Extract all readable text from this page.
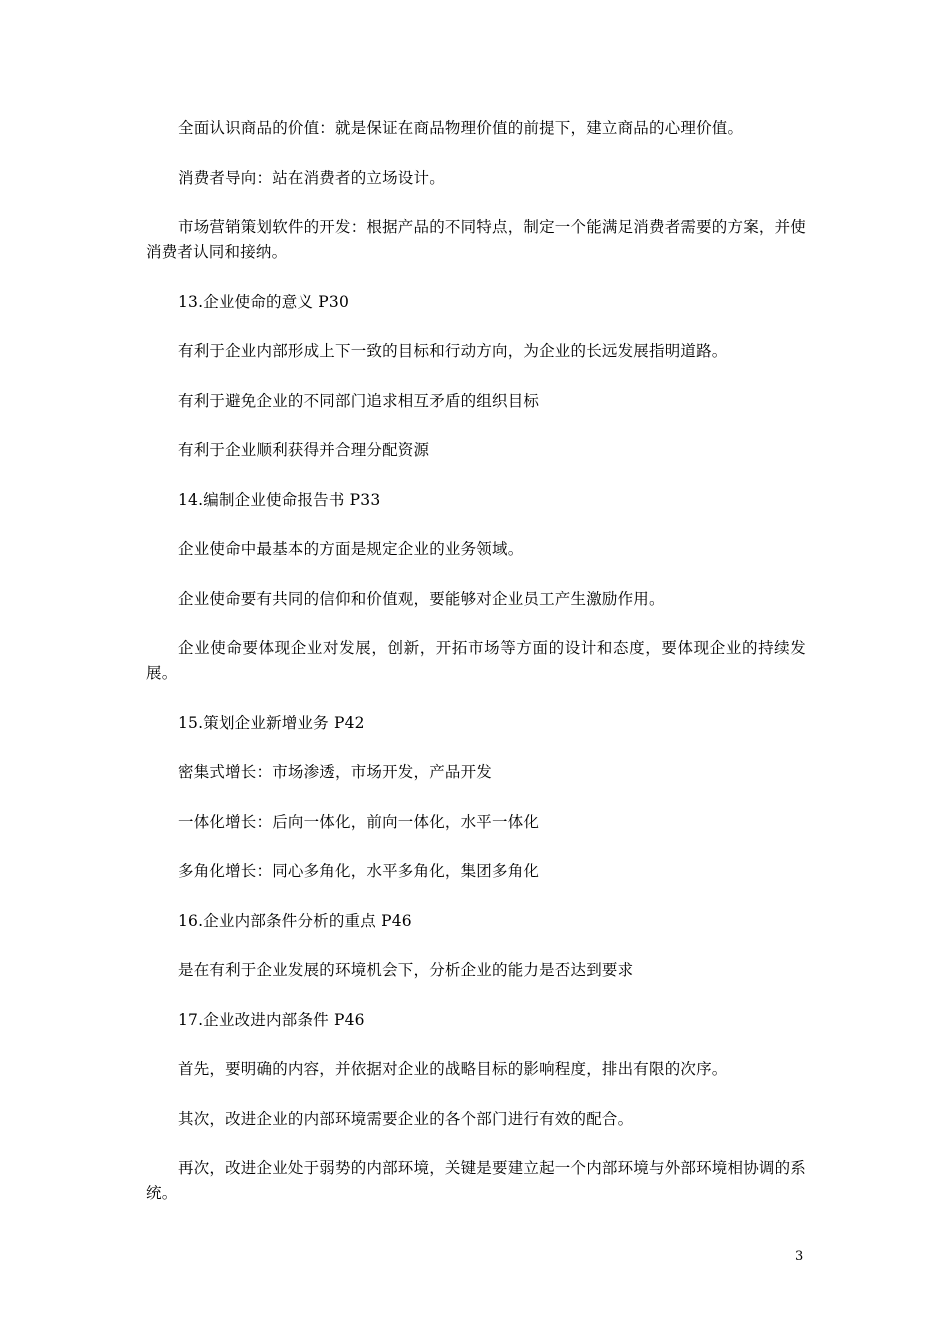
全面认识商品的价值：就是保证在商品物理价值的前提下，建立商品的心理价值。

消费者导向：站在消费者的立场设计。

市场营销策划软件的开发：根据产品的不同特点，制定一个能满足消费者需要的方案，并使消费者认同和接纳。

13.企业使命的意义 P30

有利于企业内部形成上下一致的目标和行动方向，为企业的长远发展指明道路。

有利于避免企业的不同部门追求相互矛盾的组织目标

有利于企业顺利获得并合理分配资源

14.编制企业使命报告书 P33

企业使命中最基本的方面是规定企业的业务领域。

企业使命要有共同的信仰和价值观，要能够对企业员工产生激励作用。

企业使命要体现企业对发展，创新，开拓市场等方面的设计和态度，要体现企业的持续发展。

15.策划企业新增业务 P42

密集式增长：市场渗透，市场开发，产品开发

一体化增长：后向一体化，前向一体化，水平一体化

多角化增长：同心多角化，水平多角化，集团多角化

16.企业内部条件分析的重点 P46

是在有利于企业发展的环境机会下，分析企业的能力是否达到要求

17.企业改进内部条件 P46

首先，要明确的内容，并依据对企业的战略目标的影响程度，排出有限的次序。

其次，改进企业的内部环境需要企业的各个部门进行有效的配合。

再次，改进企业处于弱势的内部环境，关键是要建立起一个内部环境与外部环境相协调的系统。

3
